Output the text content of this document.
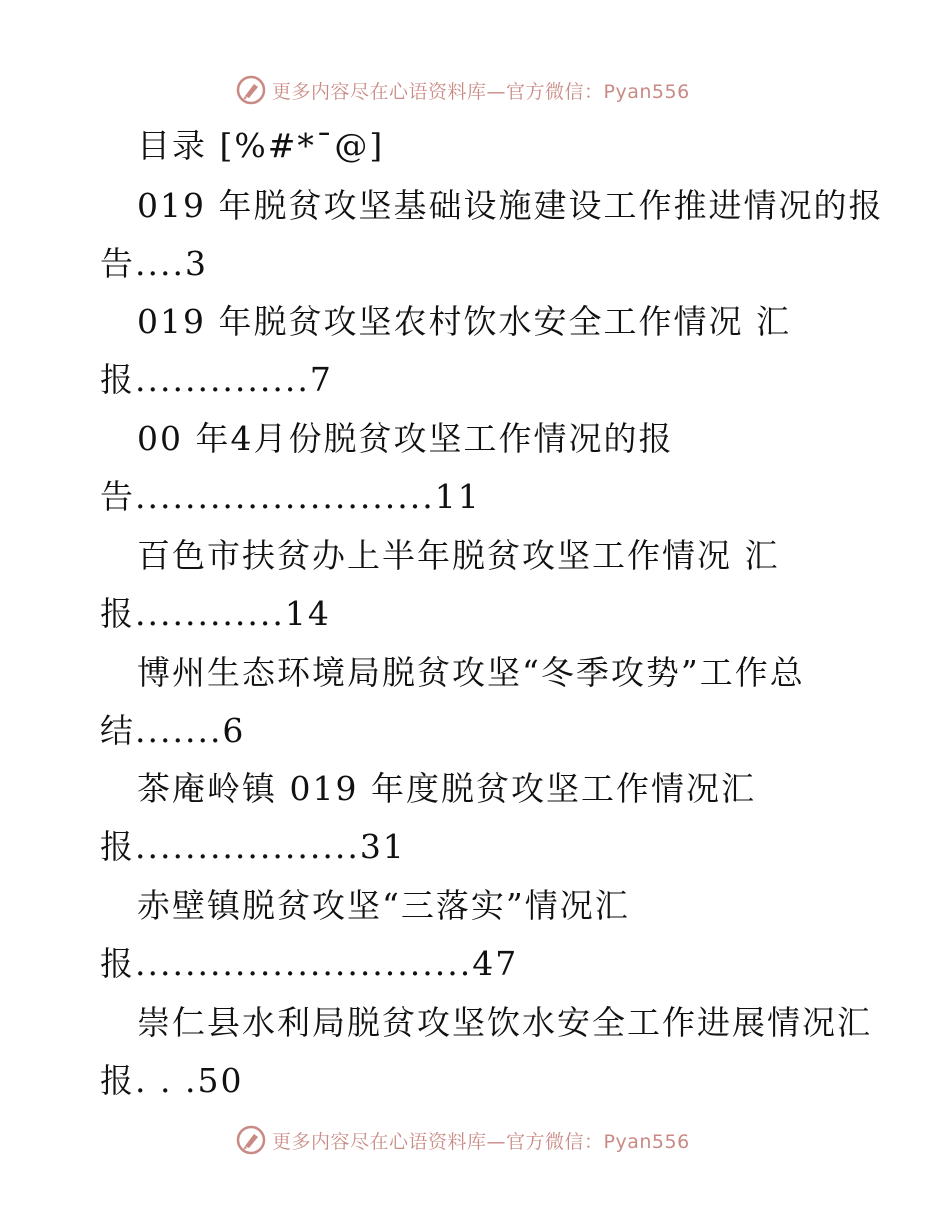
更多内容尽在心语资料库—官方微信：Pyan556
目录 [%#*¯@]
019 年脱贫攻坚基础设施建设工作推进情况的报
告....3
019 年脱贫攻坚农村饮水安全工作情况 汇
报..............7
00 年4月份脱贫攻坚工作情况的报
告........................11
百色市扶贫办上半年脱贫攻坚工作情况 汇
报............14
博州生态环境局脱贫攻坚“冬季攻势”工作总
结.......6
茶庵岭镇 019 年度脱贫攻坚工作情况汇
报..................31
赤壁镇脱贫攻坚“三落实”情况汇
报...........................47
崇仁县水利局脱贫攻坚饮水安全工作进展情况汇
报. . .50
更多内容尽在心语资料库—官方微信：Pyan556
